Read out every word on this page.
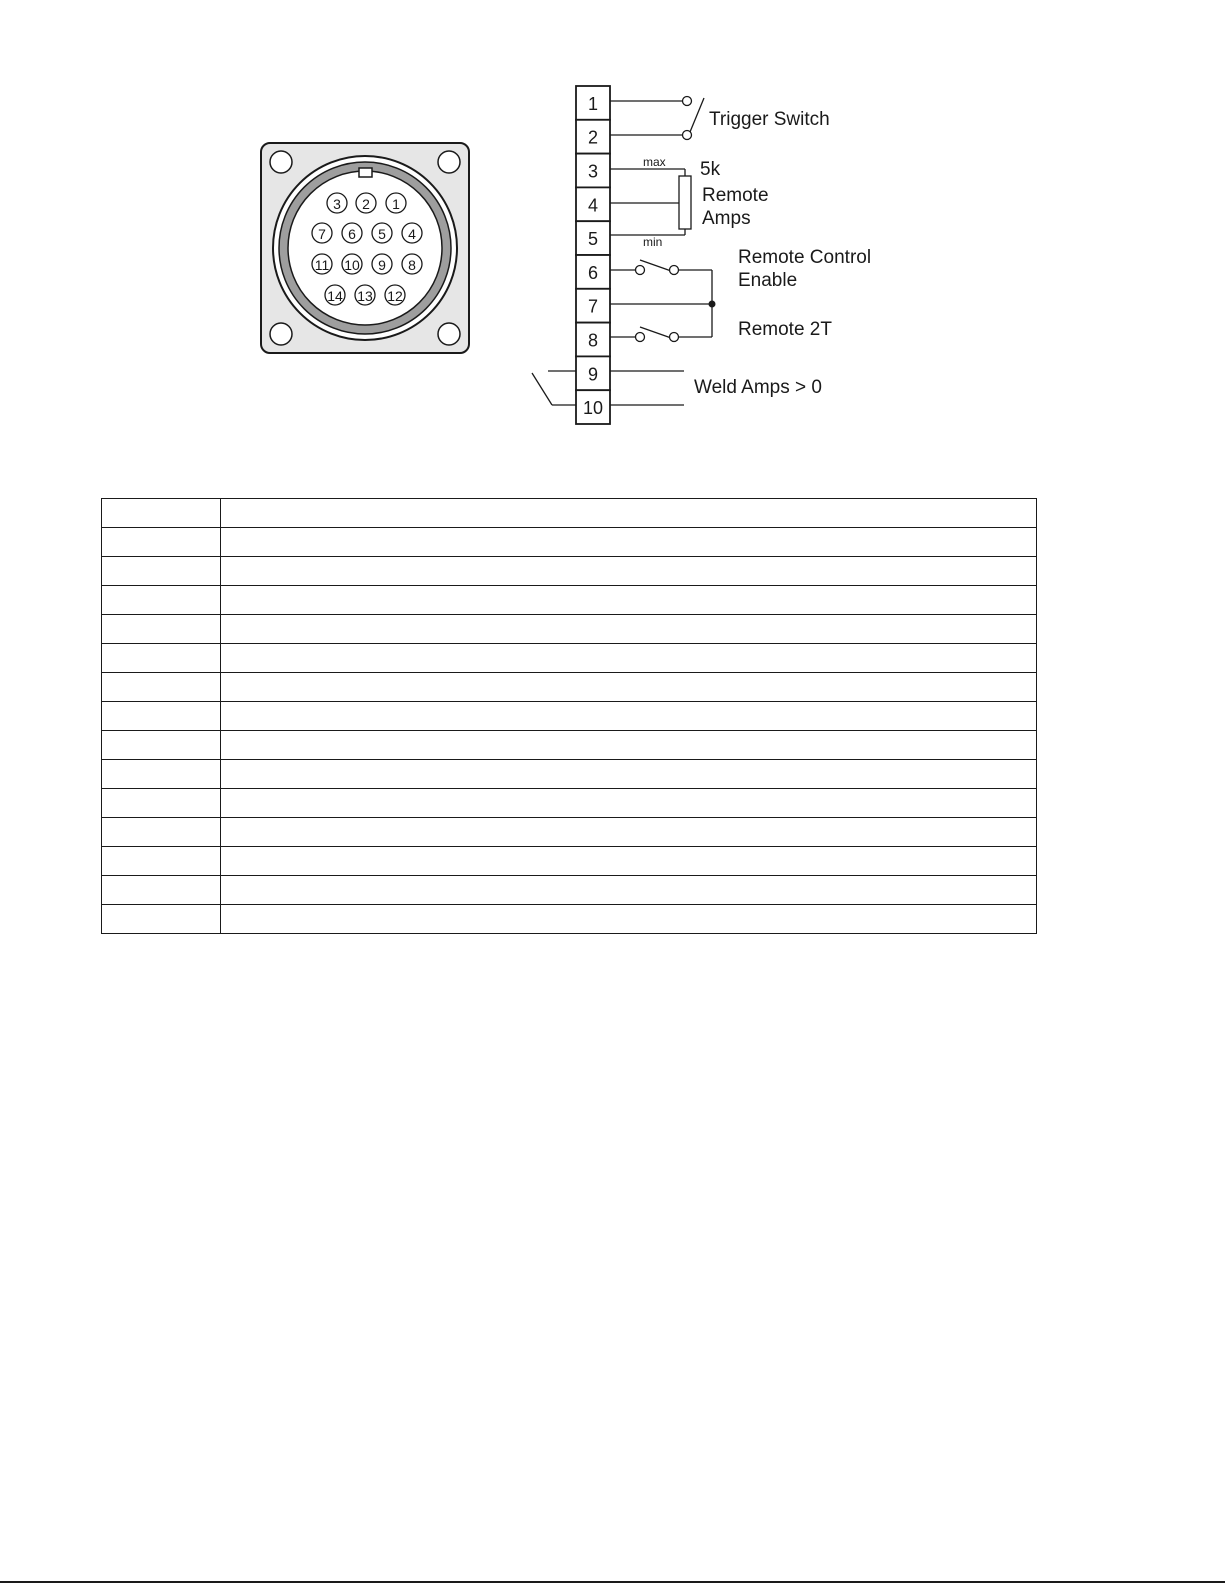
3 2 1
7 6 5 4
11 10 9 8
14 13 12
1
2
3
4
5
6
7
8
9
10
Trigger Switch
max
min
5k
Remote
Amps
Remote Control
Enable
Remote 2T
Weld Amps > 0
